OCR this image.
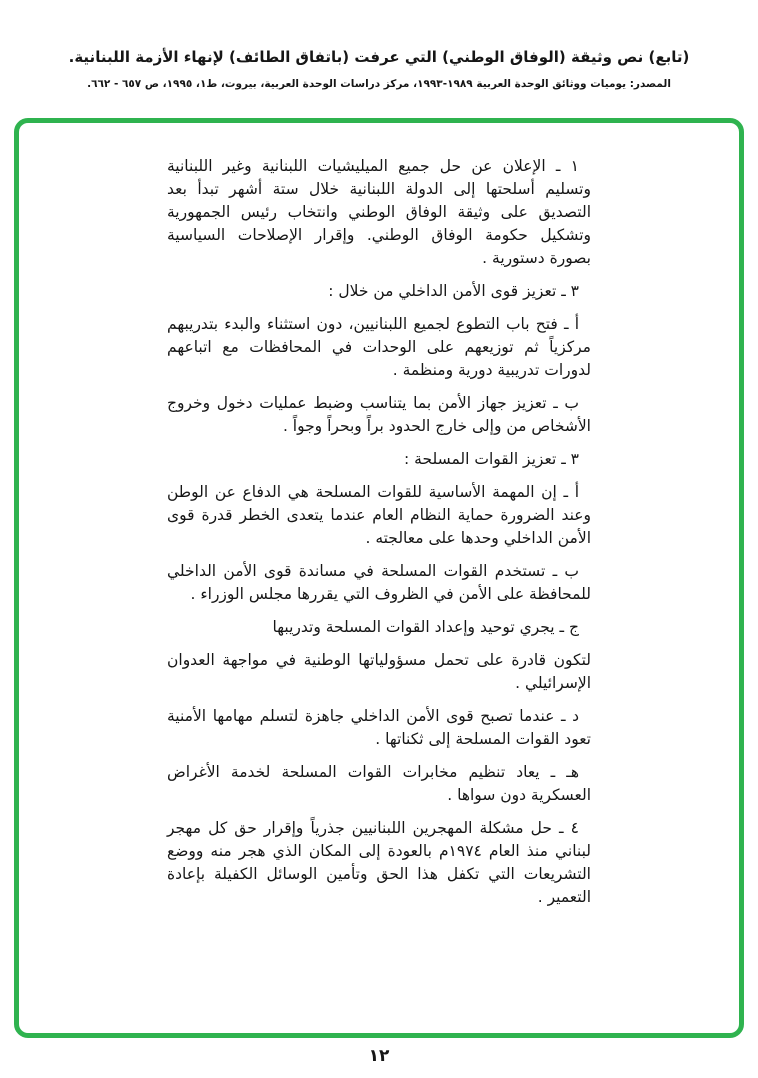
(تابع) نص وثيقة (الوفاق الوطني) التي عرفت (باتفاق الطائف) لإنهاء الأزمة اللبنانية.
المصدر: يوميات ووثائق الوحدة العربية ١٩٨٩-١٩٩٣، مركز دراسات الوحدة العربية، بيروت، ط١، ١٩٩٥، ص ٦٥٧ - ٦٦٢.

١ ـ الإعلان عن حل جميع الميليشيات اللبنانية وغير اللبنانية وتسليم أسلحتها إلى الدولة اللبنانية خلال ستة أشهر تبدأ بعد التصديق على وثيقة الوفاق الوطني وانتخاب رئيس الجمهورية وتشكيل حكومة الوفاق الوطني. وإقرار الإصلاحات السياسية بصورة دستورية .

٣ ـ تعزيز قوى الأمن الداخلي من خلال :

أ ـ فتح باب التطوع لجميع اللبنانيين، دون استثناء والبدء بتدريبهم مركزياً ثم توزيعهم على الوحدات في المحافظات مع اتباعهم لدورات تدريبية دورية ومنظمة .

ب ـ تعزيز جهاز الأمن بما يتناسب وضبط عمليات دخول وخروج الأشخاص من وإلى خارج الحدود براً وبحراً وجواً .

٣ ـ تعزيز القوات المسلحة :

أ ـ إن المهمة الأساسية للقوات المسلحة هي الدفاع عن الوطن وعند الضرورة حماية النظام العام عندما يتعدى الخطر قدرة قوى الأمن الداخلي وحدها على معالجته .

ب ـ تستخدم القوات المسلحة في مساندة قوى الأمن الداخلي للمحافظة على الأمن في الظروف التي يقررها مجلس الوزراء .

ج ـ يجري توحيد وإعداد القوات المسلحة وتدريبها

لتكون قادرة على تحمل مسؤولياتها الوطنية في مواجهة العدوان الإسرائيلي .

د ـ عندما تصبح قوى الأمن الداخلي جاهزة لتسلم مهامها الأمنية تعود القوات المسلحة إلى ثكناتها .

هـ ـ يعاد تنظيم مخابرات القوات المسلحة لخدمة الأغراض العسكرية دون سواها .

٤ ـ حل مشكلة المهجرين اللبنانيين جذرياً وإقرار حق كل مهجر لبناني منذ العام ١٩٧٤م بالعودة إلى المكان الذي هجر منه ووضع التشريعات التي تكفل هذا الحق وتأمين الوسائل الكفيلة بإعادة التعمير .

١٢
